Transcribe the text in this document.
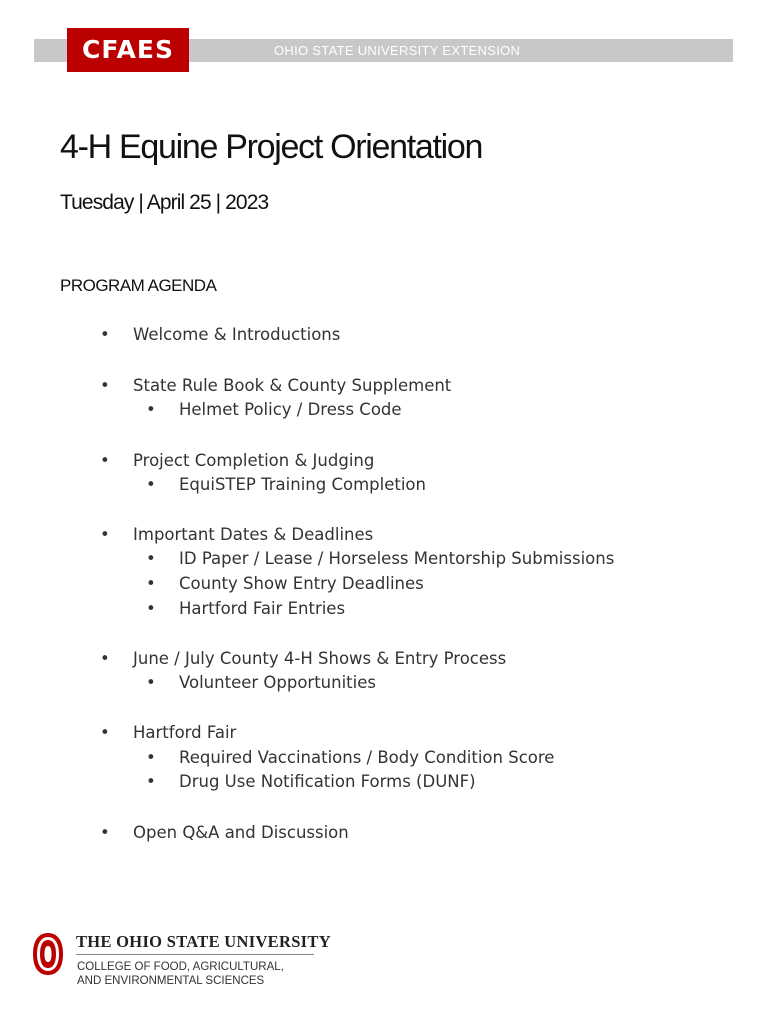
OHIO STATE UNIVERSITY EXTENSION
CFAES
4-H Equine Project Orientation
Tuesday | April 25 | 2023
PROGRAM AGENDA
• Welcome & Introductions
• State Rule Book & County Supplement
• Helmet Policy / Dress Code
• Project Completion & Judging
• EquiSTEP Training Completion
• Important Dates & Deadlines
• ID Paper / Lease / Horseless Mentorship Submissions
• County Show Entry Deadlines
• Hartford Fair Entries
• June / July County 4-H Shows & Entry Process
• Volunteer Opportunities
• Hartford Fair
• Required Vaccinations / Body Condition Score
• Drug Use Notification Forms (DUNF)
• Open Q&A and Discussion
THE OHIO STATE UNIVERSITY
COLLEGE OF FOOD, AGRICULTURAL,
AND ENVIRONMENTAL SCIENCES
